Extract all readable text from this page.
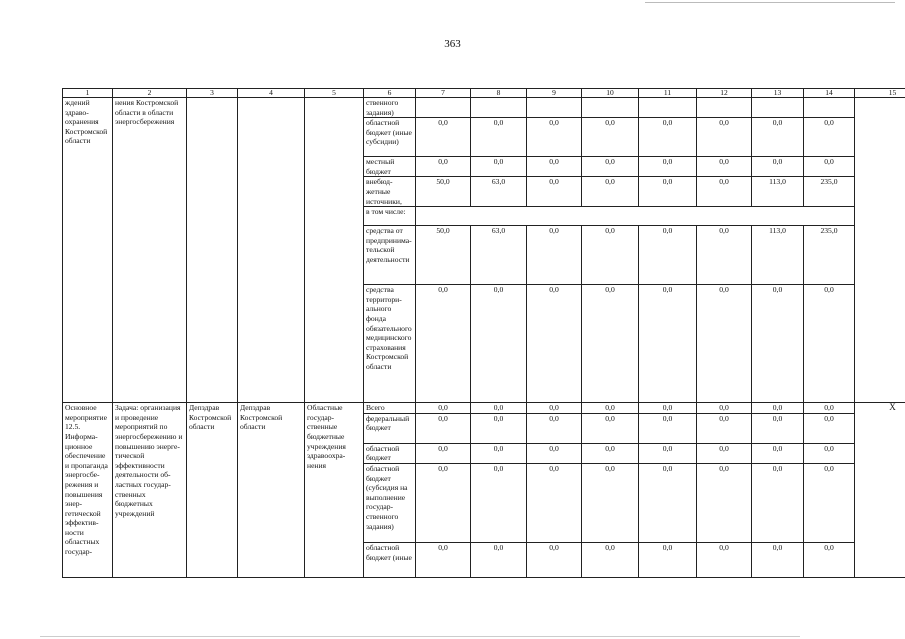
363
1	2	3	4	5	6	7	8	9	10	11	12	13	14	15
ждений здравоохранения Костромской области	нения Костромской области в области энергосбережения				ственного задания)									
					областной бюджет (иные субсидии)	0,0	0,0	0,0	0,0	0,0	0,0	0,0	0,0	
					местный бюджет	0,0	0,0	0,0	0,0	0,0	0,0	0,0	0,0	
					внебюджетные источники,	50,0	63,0	0,0	0,0	0,0	0,0	113,0	235,0	
					в том числе:									
					средства от предпринимательской деятельности	50,0	63,0	0,0	0,0	0,0	0,0	113,0	235,0	
					средства территориального фонда обязательного медицинского страхования Костромской области	0,0	0,0	0,0	0,0	0,0	0,0	0,0	0,0	
Основное мероприятие 12.5. Информационное обеспечение и пропаганда энергосбережения и повышения энергетической эффективности областных государ-	Задача: организация и проведение мероприятий по энергосбережению и повышению энергетической эффективности деятельности областных государственных бюджетных учреждений	Депздрав Костромской области	Депздрав Костромской области	Областные государственные бюджетные учреждения здравоохранения	Всего	0,0	0,0	0,0	0,0	0,0	0,0	0,0	0,0	Х
					федеральный бюджет	0,0	0,0	0,0	0,0	0,0	0,0	0,0	0,0	
					областной бюджет	0,0	0,0	0,0	0,0	0,0	0,0	0,0	0,0	
					областной бюджет (субсидия на выполнение государственного задания)	0,0	0,0	0,0	0,0	0,0	0,0	0,0	0,0	
					областной бюджет (иные	0,0	0,0	0,0	0,0	0,0	0,0	0,0	0,0	
